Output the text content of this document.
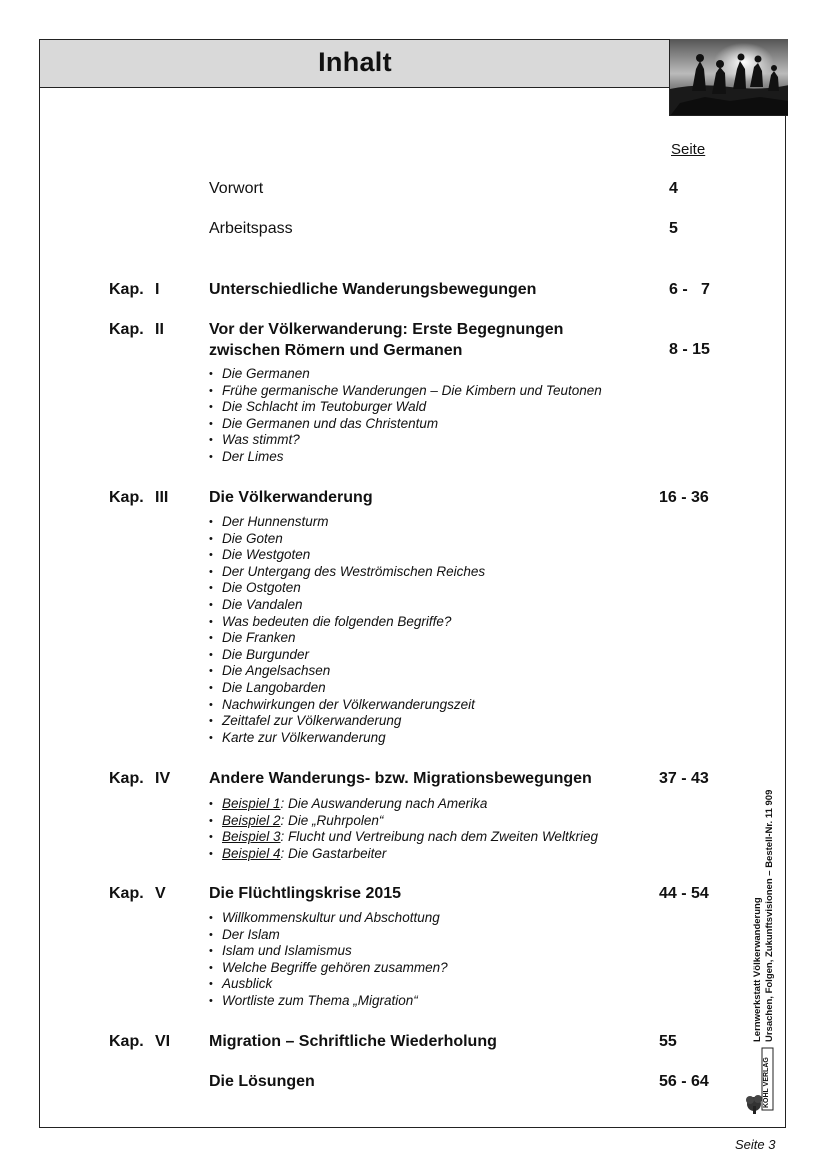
Inhalt
Seite
Vorwort	4
Arbeitspass	5
Kap. I	Unterschiedliche Wanderungsbewegungen	6 -   7
Kap. II	Vor der Völkerwanderung: Erste Begegnungen
zwischen Römern und Germanen	8 - 15
• Die Germanen
• Frühe germanische Wanderungen – Die Kimbern und Teutonen
• Die Schlacht im Teutoburger Wald
• Die Germanen und das Christentum
• Was stimmt?
• Der Limes
Kap. III	Die Völkerwanderung	16 - 36
• Der Hunnensturm
• Die Goten
• Die Westgoten
• Der Untergang des Weströmischen Reiches
• Die Ostgoten
• Die Vandalen
• Was bedeuten die folgenden Begriffe?
• Die Franken
• Die Burgunder
• Die Angelsachsen
• Die Langobarden
• Nachwirkungen der Völkerwanderungszeit
• Zeittafel zur Völkerwanderung
• Karte zur Völkerwanderung
Kap. IV Andere Wanderungs- bzw. Migrationsbewegungen	37 - 43
• Beispiel 1: Die Auswanderung nach Amerika
• Beispiel 2: Die „Ruhrpolen“
• Beispiel 3: Flucht und Vertreibung nach dem Zweiten Weltkrieg
• Beispiel 4: Die Gastarbeiter
Kap. V	Die Flüchtlingskrise 2015	44 - 54
• Willkommenskultur und Abschottung
• Der Islam
• Islam und Islamismus
• Welche Begriffe gehören zusammen?
• Ausblick
• Wortliste zum Thema „Migration“
Kap. VI Migration – Schriftliche Wiederholung	55
Die Lösungen	56 - 64
Lernwerkstatt Völkerwanderung Ursachen, Folgen, Zukunftsvisionen – Bestell-Nr. 11 909
KOHL VERLAG
Seite 3
